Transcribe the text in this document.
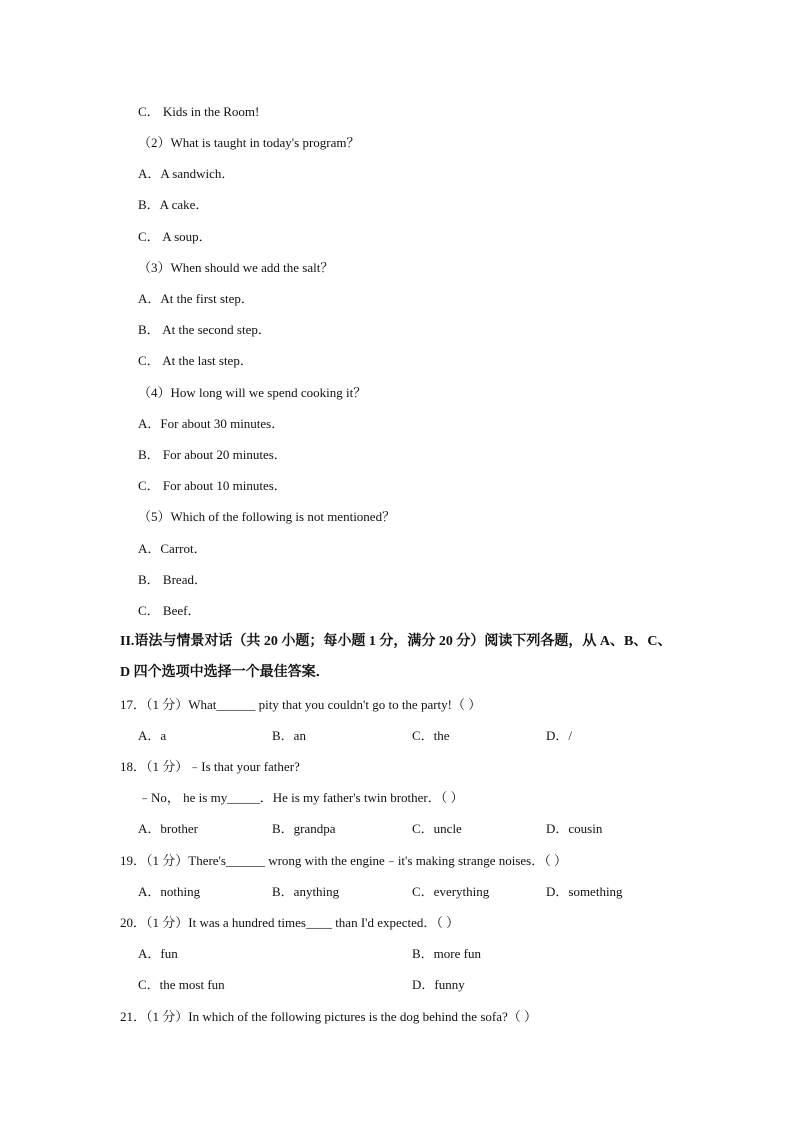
C． Kids in the Room!
（2）What is taught in today's program？
A．A sandwich．
B．A cake．
C． A soup．
（3）When should we add the salt？
A．At the first step．
B． At the second step．
C． At the last step．
（4）How long will we spend cooking it？
A．For about 30 minutes．
B． For about 20 minutes．
C． For about 10 minutes．
（5）Which of the following is not mentioned？
A．Carrot．
B． Bread．
C． Beef．
II.语法与情景对话（共 20 小题；每小题 1 分，满分 20 分）阅读下列各题，从 A、B、C、
D 四个选项中选择一个最佳答案．
17．（1 分）What______ pity that you couldn't go to the party!（ ）
A．a	B．an	C．the	D．/
18．（1 分）﹣Is that your father?
﹣No， he is my_____．He is my father's twin brother．（ ）
A．brother	B．grandpa	C．uncle	D．cousin
19．（1 分）There's______ wrong with the engine﹣it's making strange noises．（ ）
A．nothing	B．anything	C．everything	D．something
20．（1 分）It was a hundred times____ than I'd expected．（ ）
A．fun	B．more fun
C．the most fun	D．funny
21．（1 分）In which of the following pictures is the dog behind the sofa?（ ）
